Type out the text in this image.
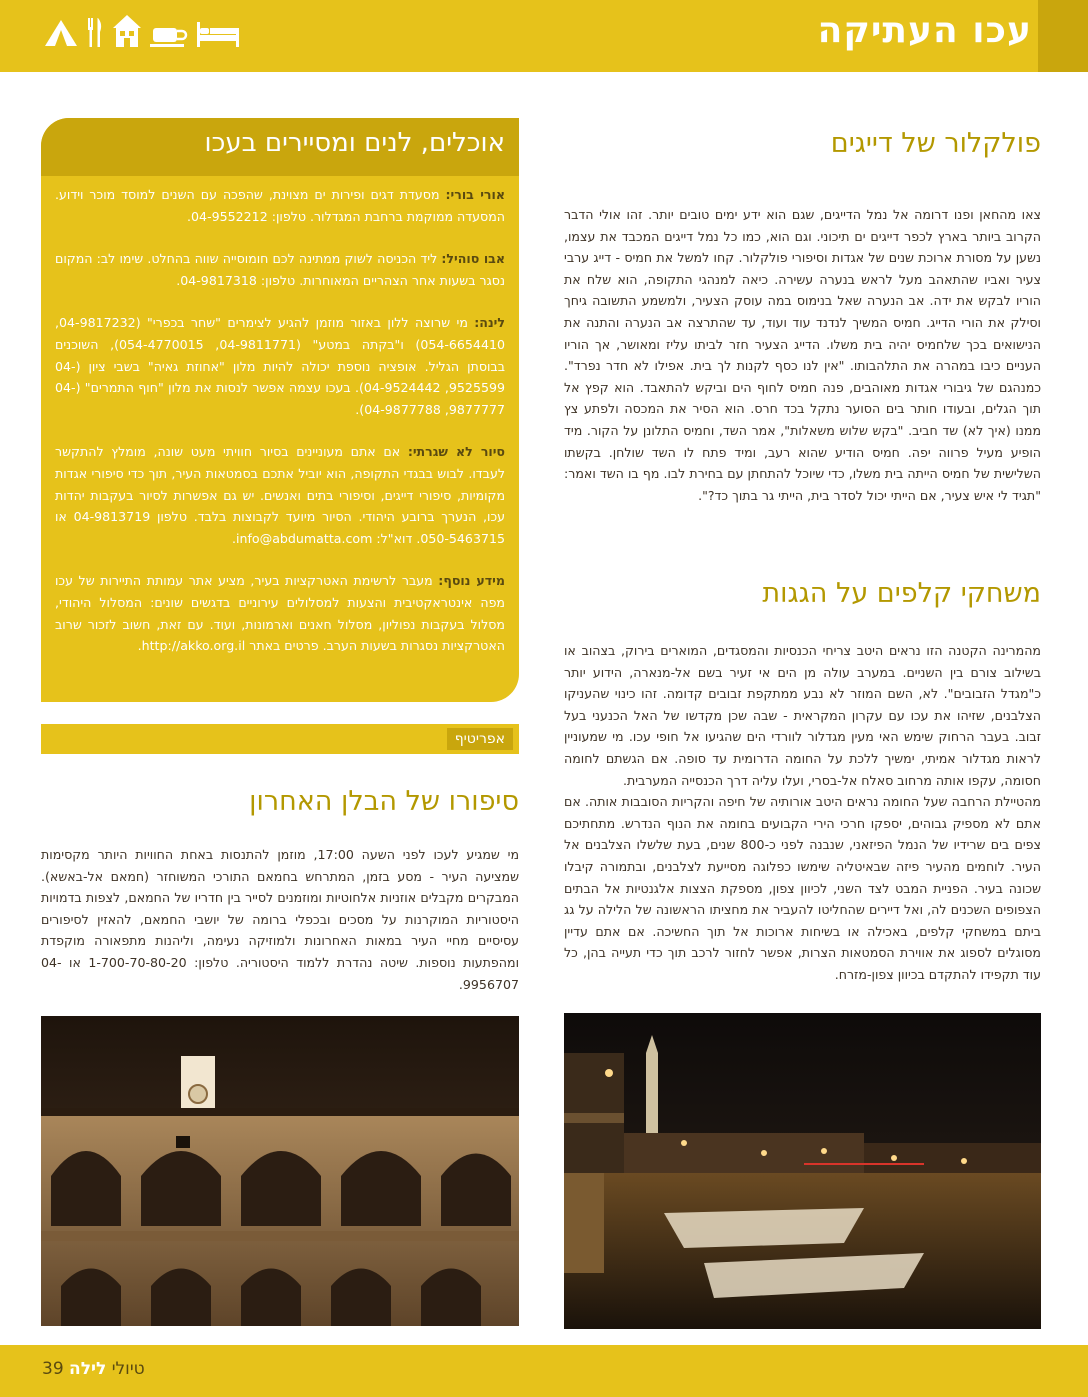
עכו העתיקה
פולקלור של דייגים

צאו מהחאן ופנו דרומה אל נמל הדייגים, שגם הוא ידע ימים טובים יותר. זהו אולי הדבר הקרוב ביותר בארץ לכפר דייגים ים תיכוני. וגם הוא, כמו כל נמל דייגים המכבד את עצמו, נשען על מסורת ארוכת שנים של אגדות וסיפורי פולקלור. קחו למשל את חמיס - דייג ערבי צעיר ואביו שהתאהב מעל לראש בנערה עשירה. כיאה למנהגי התקופה, הוא שלח את הוריו לבקש את ידה. אב הנערה שאל בנימוס במה עוסק הצעיר, ולמשמע התשובה גיחך וסילק את הורי הדייג. חמיס המשיך לנדנד עוד ועוד, עד שהתרצה אב הנערה והתנה את הנישואים בכך שלחמיס יהיה בית משלו. הדייג הצעיר חזר לביתו עליז ומאושר, אך הוריו העניים כיבו במהרה את התלהבותו. "אין לנו כסף לקנות לך בית. אפילו לא חדר נפרד". כמנהגם של גיבורי אגדות מאוהבים, פנה חמיס לחוף הים וביקש להתאבד. הוא קפץ אל תוך הגלים, ובעודו חותר בים הסוער נתקל בכד חרס. הוא הסיר את המכסה ולפתע צץ ממנו (איך לא) שד חביב. "בקש שלוש משאלות", אמר השד, וחמיס התלונן על הקור. מיד הופיע מעיל פרווה יפה. חמיס הודיע שהוא רעב, ומיד פתח לו השד שולחן. בקשתו השלישית של חמיס הייתה בית משלו, כדי שיוכל להתחתן עם בחירת לבו. מף בו השד ואמר: "תגיד לי איש צעיר, אם הייתי יכול לסדר בית, הייתי גר בתוך כד?".

משחקי קלפים על הגגות

מהמרינה הקטנה הזו נראים היטב צריחי הכנסיות והמסגדים, המוארים בירוק, בצהוב או בשילוב צורם בין השניים. במערב עולה מן הים אי זעיר בשם אל-מנארה, הידוע יותר כ"מגדל הזבובים". לא, השם המוזר לא נבע ממתקפת זבובים קדומה. זהו כינוי שהעניקו הצלבנים, שזיהו את עכו עם עקרון המקראית - שבה שכן מקדשו של האל הכנעני בעל זבוב. בעבר הרחוק שימש האי מעין מגדלור לוורדי הים שהגיעו אל חופי עכו. מי שמעוניין לראות מגדלור אמיתי, ימשיך ללכת על החומה הדרומית עד סופה. אם הגשתם לחומה חסומה, עקפו אותה מרחוב סאלח אל-בסרי, ועלו עליה דרך הכנסייה המערבית.

מהטיילת הרחבה שעל החומה נראים היטב אורותיה של חיפה והקריות הסובבות אותה. אם אתם לא מספיק גבוהים, יספקו חרכי הירי הקבועים בחומה את הנוף הנדרש. מתחתיכם צפים בים שרידיו של הנמל הפיזאני, שנבנה לפני כ-800 שנים, בעת שלשלו הצלבנים אל העיר. לוחמים מהעיר פיזה שבאיטליה שימשו כפלוגה מסייעת לצלבנים, ובתמורה קיבלו שכונה בעיר. הפניית המבט לצד השני, לכיוון צפון, מספקת הצצות אלגנטיות אל הבתים הצפופים השכנים לה, ואל דיירים שהחליטו להעביר את מחציתו הראשונה של הלילה על גג ביתם במשחקי קלפים, באכילה או בשיחות ארוכות אל תוך החשיכה. אם אתם עדיין מסוגלים לספוג את אווירת הסמטאות הצרות, אפשר לחזור לרכב תוך כדי תעייה בהן, כל עוד תקפידו להתקדם בכיוון צפון-מזרח.

אוכלים, לנים ומסיירים בעכו

אורי בורי: מסעדת דגים ופירות ים מצוינת, שהפכה עם השנים למוסד מוכר וידוע. המסעדה ממוקמת ברחבת המגדלור. טלפון: 04-9552212.

אבו סוהיל: ליד הכניסה לשוק ממתינה לכם חומוסייה שווה בהחלט. שימו לב: המקום נסגר בשעות אחר הצהריים המאוחרות. טלפון: 04-9817318.

לינה: מי שרוצה ללון באזור מוזמן להגיע לצימרים "שחר בכפרי" (04-9817232, 054-6654410) ו"בקתה במטע" (04-9811771, 054-4770015), השוכנים בבוסתן הגליל. אופציה נוספת יכולה להיות מלון "אחוזת גאיה" בשבי ציון (04-9525599, 04-9524442). בעכו עצמה אפשר לנסות את מלון "חוף התמרים" (04-9877777, 04-9877788).

סיור לא שגרתי: אם אתם מעוניינים בסיור חוויתי מעט שונה, מומלץ להתקשר לעבדו. לבוש בבגדי התקופה, הוא יוביל אתכם בסמטאות העיר, תוך כדי סיפורי אגדות מקומיות, סיפורי דייגים, וסיפורי בתים ואנשים. יש גם אפשרות לסיור בעקבות יהדות עכו, הנערך ברובע היהודי. הסיור מיועד לקבוצות בלבד. טלפון 04-9813719 או 050-5463715. דוא"ל: info@abdumatta.com.

מידע נוסף: מעבר לרשימת האטרקציות בעיר, מציע אתר עמותת התיירות של עכו מפה אינטראקטיבית והצעות למסלולים עירוניים בדגשים שונים: המסלול היהודי, מסלול בעקבות נפוליון, מסלול חאנים וארמונות, ועוד. עם זאת, חשוב לזכור שרוב האטרקציות נסגרות בשעות הערב. פרטים באתר http://akko.org.il.

אפריטיף
סיפורו של הבלן האחרון

מי שמגיע לעכו לפני השעה 17:00, מוזמן להתנסות באחת החוויות היותר מקסימות שמציעה העיר - מסע בזמן, המתרחש בחמאם התורכי המשוחזר (חמאם אל-באשא). המבקרים מקבלים אוזניות אלחוטיות ומוזמנים לסייר בין חדריו של החמאם, לצפות בדמויות היסטוריות המוקרנות על מסכים ובכפלי ברומה של יושבי החמאם, להאזין לסיפורים עסיסיים מחיי העיר במאות האחרונות ולמוזיקה נעימה, וליהנות מתפאורה מוקפדת ומהפתעות נוספות. שיטה נהדרת ללמוד היסטוריה. טלפון: 1-700-70-80-20 או 04-9956707.

טיולי לילה 39
